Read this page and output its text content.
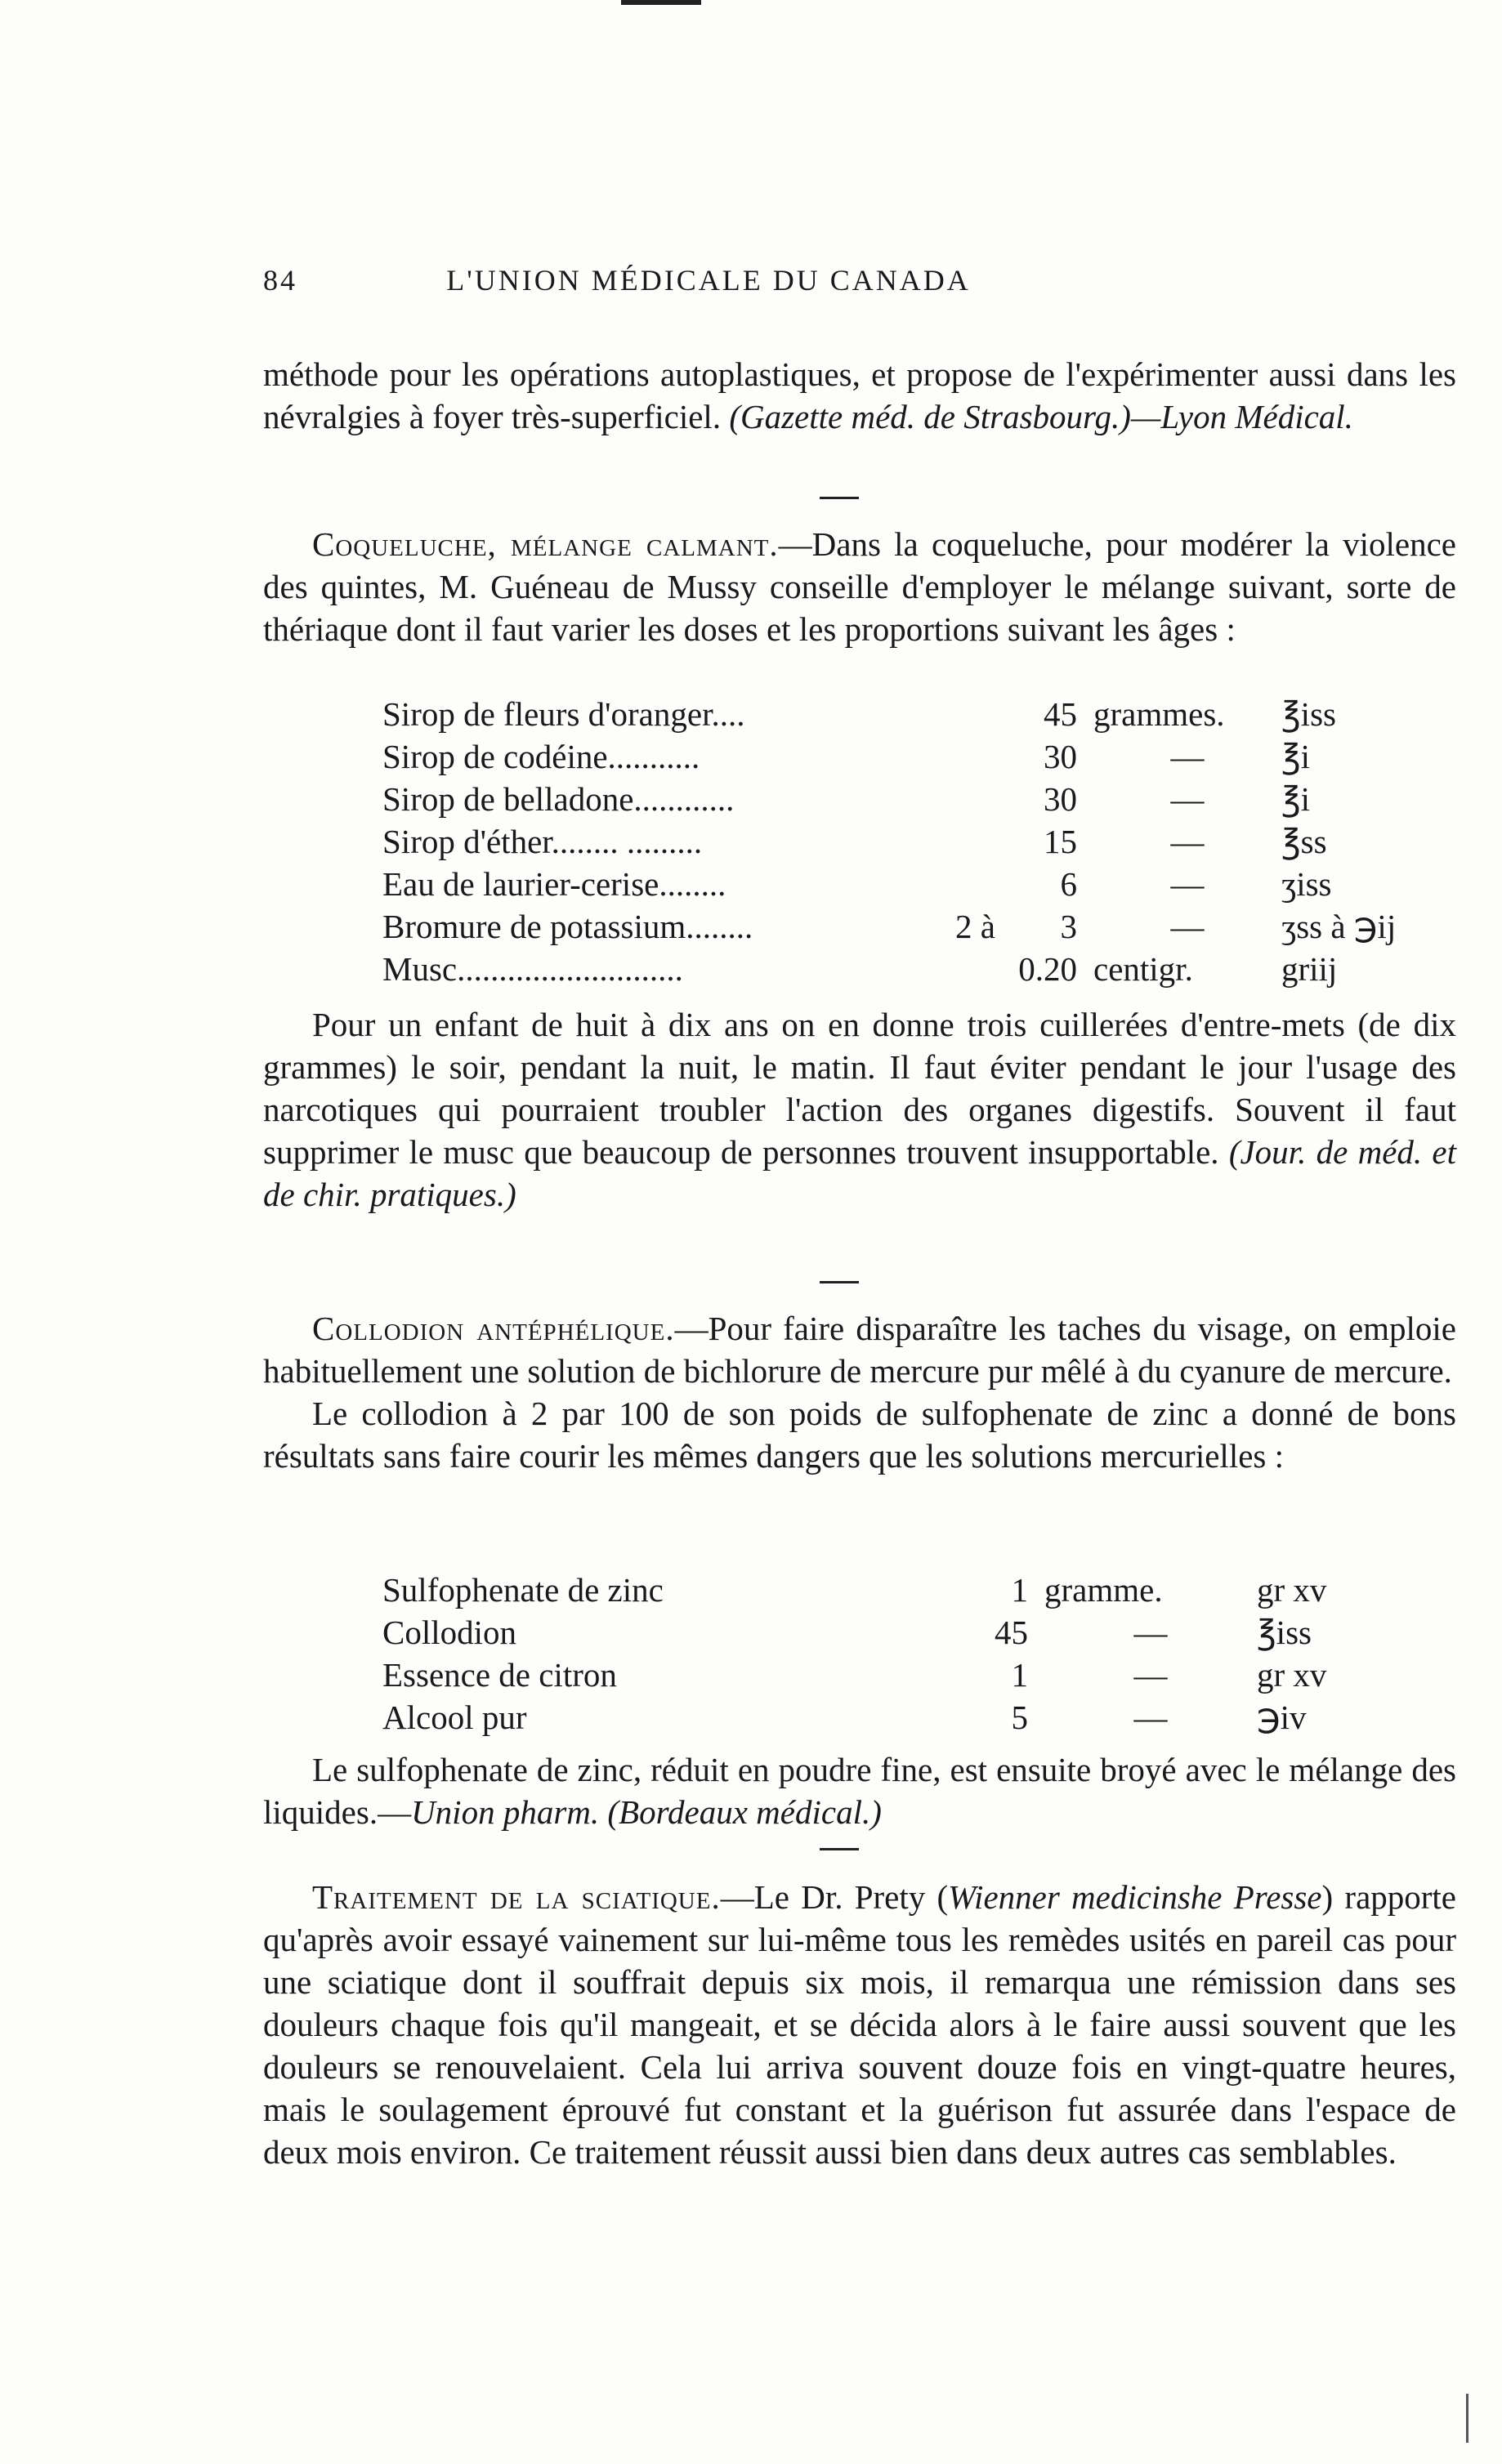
84	L'UNION MÉDICALE DU CANADA

méthode pour les opérations autoplastiques, et propose de l'expérimenter aussi dans les névralgies à foyer très-superficiel. (Gazette méd. de Strasbourg.)—Lyon Médical.

Coqueluche, mélange calmant.—Dans la coqueluche, pour modérer la violence des quintes, M. Guéneau de Mussy conseille d'employer le mélange suivant, sorte de thériaque dont il faut varier les doses et les proportions suivant les âges :

Sirop de fleurs d'oranger....		45	grammes.	℥iss
Sirop de codéine...........		30	—	℥i
Sirop de belladone............		30	—	℥i
Sirop d'éther........ .........		15	—	℥ss
Eau de laurier-cerise........		6	—	ʒiss
Bromure de potassium........	2 à	3	—	ʒss à ℈ij
Musc...........................		0.20	centigr.	griij

Pour un enfant de huit à dix ans on en donne trois cuillerées d'entre-mets (de dix grammes) le soir, pendant la nuit, le matin. Il faut éviter pendant le jour l'usage des narcotiques qui pourraient troubler l'action des organes digestifs. Souvent il faut supprimer le musc que beaucoup de personnes trouvent insupportable. (Jour. de méd. et de chir. pratiques.)

Collodion antéphélique.—Pour faire disparaître les taches du visage, on emploie habituellement une solution de bichlorure de mercure pur mêlé à du cyanure de mercure.

Le collodion à 2 par 100 de son poids de sulfophenate de zinc a donné de bons résultats sans faire courir les mêmes dangers que les solutions mercurielles :

Sulfophenate de zinc	1	gramme.	gr xv
Collodion	45	—	℥iss
Essence de citron	1	—	gr xv
Alcool pur	5	—	℈iv

Le sulfophenate de zinc, réduit en poudre fine, est ensuite broyé avec le mélange des liquides.—Union pharm. (Bordeaux médical.)

Traitement de la sciatique.—Le Dr. Prety (Wienner medicinshe Presse) rapporte qu'après avoir essayé vainement sur lui-même tous les remèdes usités en pareil cas pour une sciatique dont il souffrait depuis six mois, il remarqua une rémission dans ses douleurs chaque fois qu'il mangeait, et se décida alors à le faire aussi souvent que les douleurs se renouvelaient. Cela lui arriva souvent douze fois en vingt-quatre heures, mais le soulagement éprouvé fut constant et la guérison fut assurée dans l'espace de deux mois environ. Ce traitement réussit aussi bien dans deux autres cas semblables.
